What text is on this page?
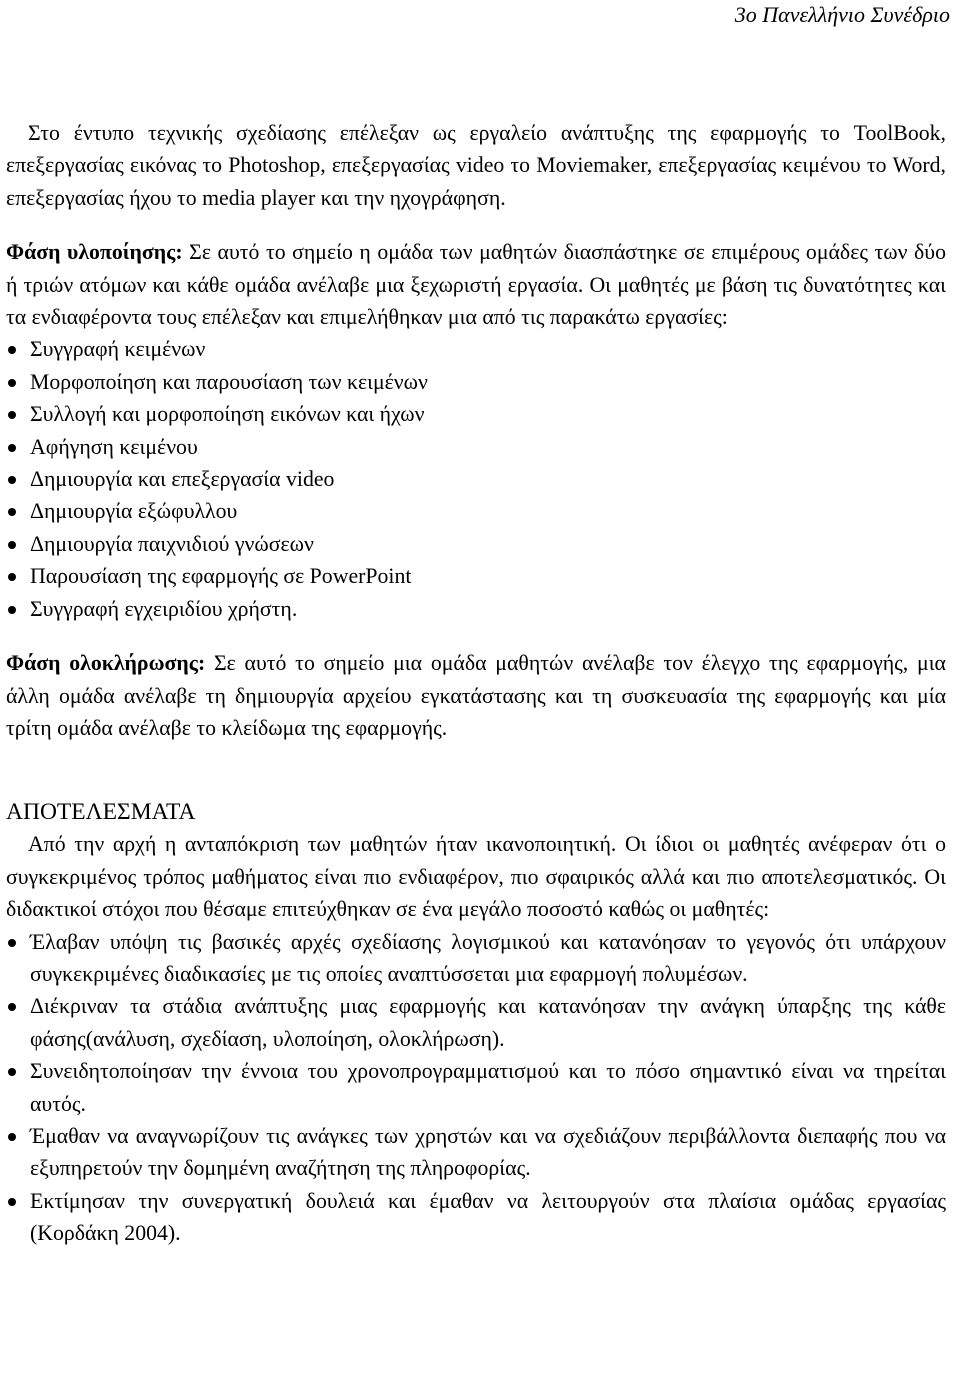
3ο Πανελλήνιο Συνέδριο

Στο έντυπο τεχνικής σχεδίασης επέλεξαν ως εργαλείο ανάπτυξης της εφαρμογής το ToolBook, επεξεργασίας εικόνας το Photoshop, επεξεργασίας video το Moviemaker, επεξεργασίας κειμένου το Word, επεξεργασίας ήχου το media player και την ηχογράφηση.

Φάση υλοποίησης: Σε αυτό το σημείο η ομάδα των μαθητών διασπάστηκε σε επιμέρους ομάδες των δύο ή τριών ατόμων και κάθε ομάδα ανέλαβε μια ξεχωριστή εργασία. Οι μαθητές με βάση τις δυνατότητες και τα ενδιαφέροντα τους επέλεξαν και επιμελήθηκαν μια από τις παρακάτω εργασίες:

Συγγραφή κειμένων
Μορφοποίηση και παρουσίαση των κειμένων
Συλλογή και μορφοποίηση εικόνων και ήχων
Αφήγηση κειμένου
Δημιουργία και επεξεργασία video
Δημιουργία εξώφυλλου
Δημιουργία παιχνιδιού γνώσεων
Παρουσίαση της εφαρμογής σε PowerPoint
Συγγραφή εγχειριδίου χρήστη.

Φάση ολοκλήρωσης: Σε αυτό το σημείο μια ομάδα μαθητών ανέλαβε τον έλεγχο της εφαρμογής, μια άλλη ομάδα ανέλαβε τη δημιουργία αρχείου εγκατάστασης και τη συσκευασία της εφαρμογής και μία τρίτη ομάδα ανέλαβε το κλείδωμα της εφαρμογής.

ΑΠΟΤΕΛΕΣΜΑΤΑ

Από την αρχή η ανταπόκριση των μαθητών ήταν ικανοποιητική. Οι ίδιοι οι μαθητές ανέφεραν ότι ο συγκεκριμένος τρόπος μαθήματος είναι πιο ενδιαφέρον, πιο σφαιρικός αλλά και πιο αποτελεσματικός. Οι διδακτικοί στόχοι που θέσαμε επιτεύχθηκαν σε ένα μεγάλο ποσοστό καθώς οι μαθητές:

Έλαβαν υπόψη τις βασικές αρχές σχεδίασης λογισμικού και κατανόησαν το γεγονός ότι υπάρχουν συγκεκριμένες διαδικασίες με τις οποίες αναπτύσσεται μια εφαρμογή πολυμέσων.
Διέκριναν τα στάδια ανάπτυξης μιας εφαρμογής και κατανόησαν την ανάγκη ύπαρξης της κάθε φάσης(ανάλυση, σχεδίαση, υλοποίηση, ολοκλήρωση).
Συνειδητοποίησαν την έννοια του χρονοπρογραμματισμού και το πόσο σημαντικό είναι να τηρείται αυτός.
Έμαθαν να αναγνωρίζουν τις ανάγκες των χρηστών και να σχεδιάζουν περιβάλλοντα διεπαφής που να εξυπηρετούν την δομημένη αναζήτηση της πληροφορίας.
Εκτίμησαν την συνεργατική δουλειά και έμαθαν να λειτουργούν στα πλαίσια ομάδας εργασίας (Κορδάκη 2004).
